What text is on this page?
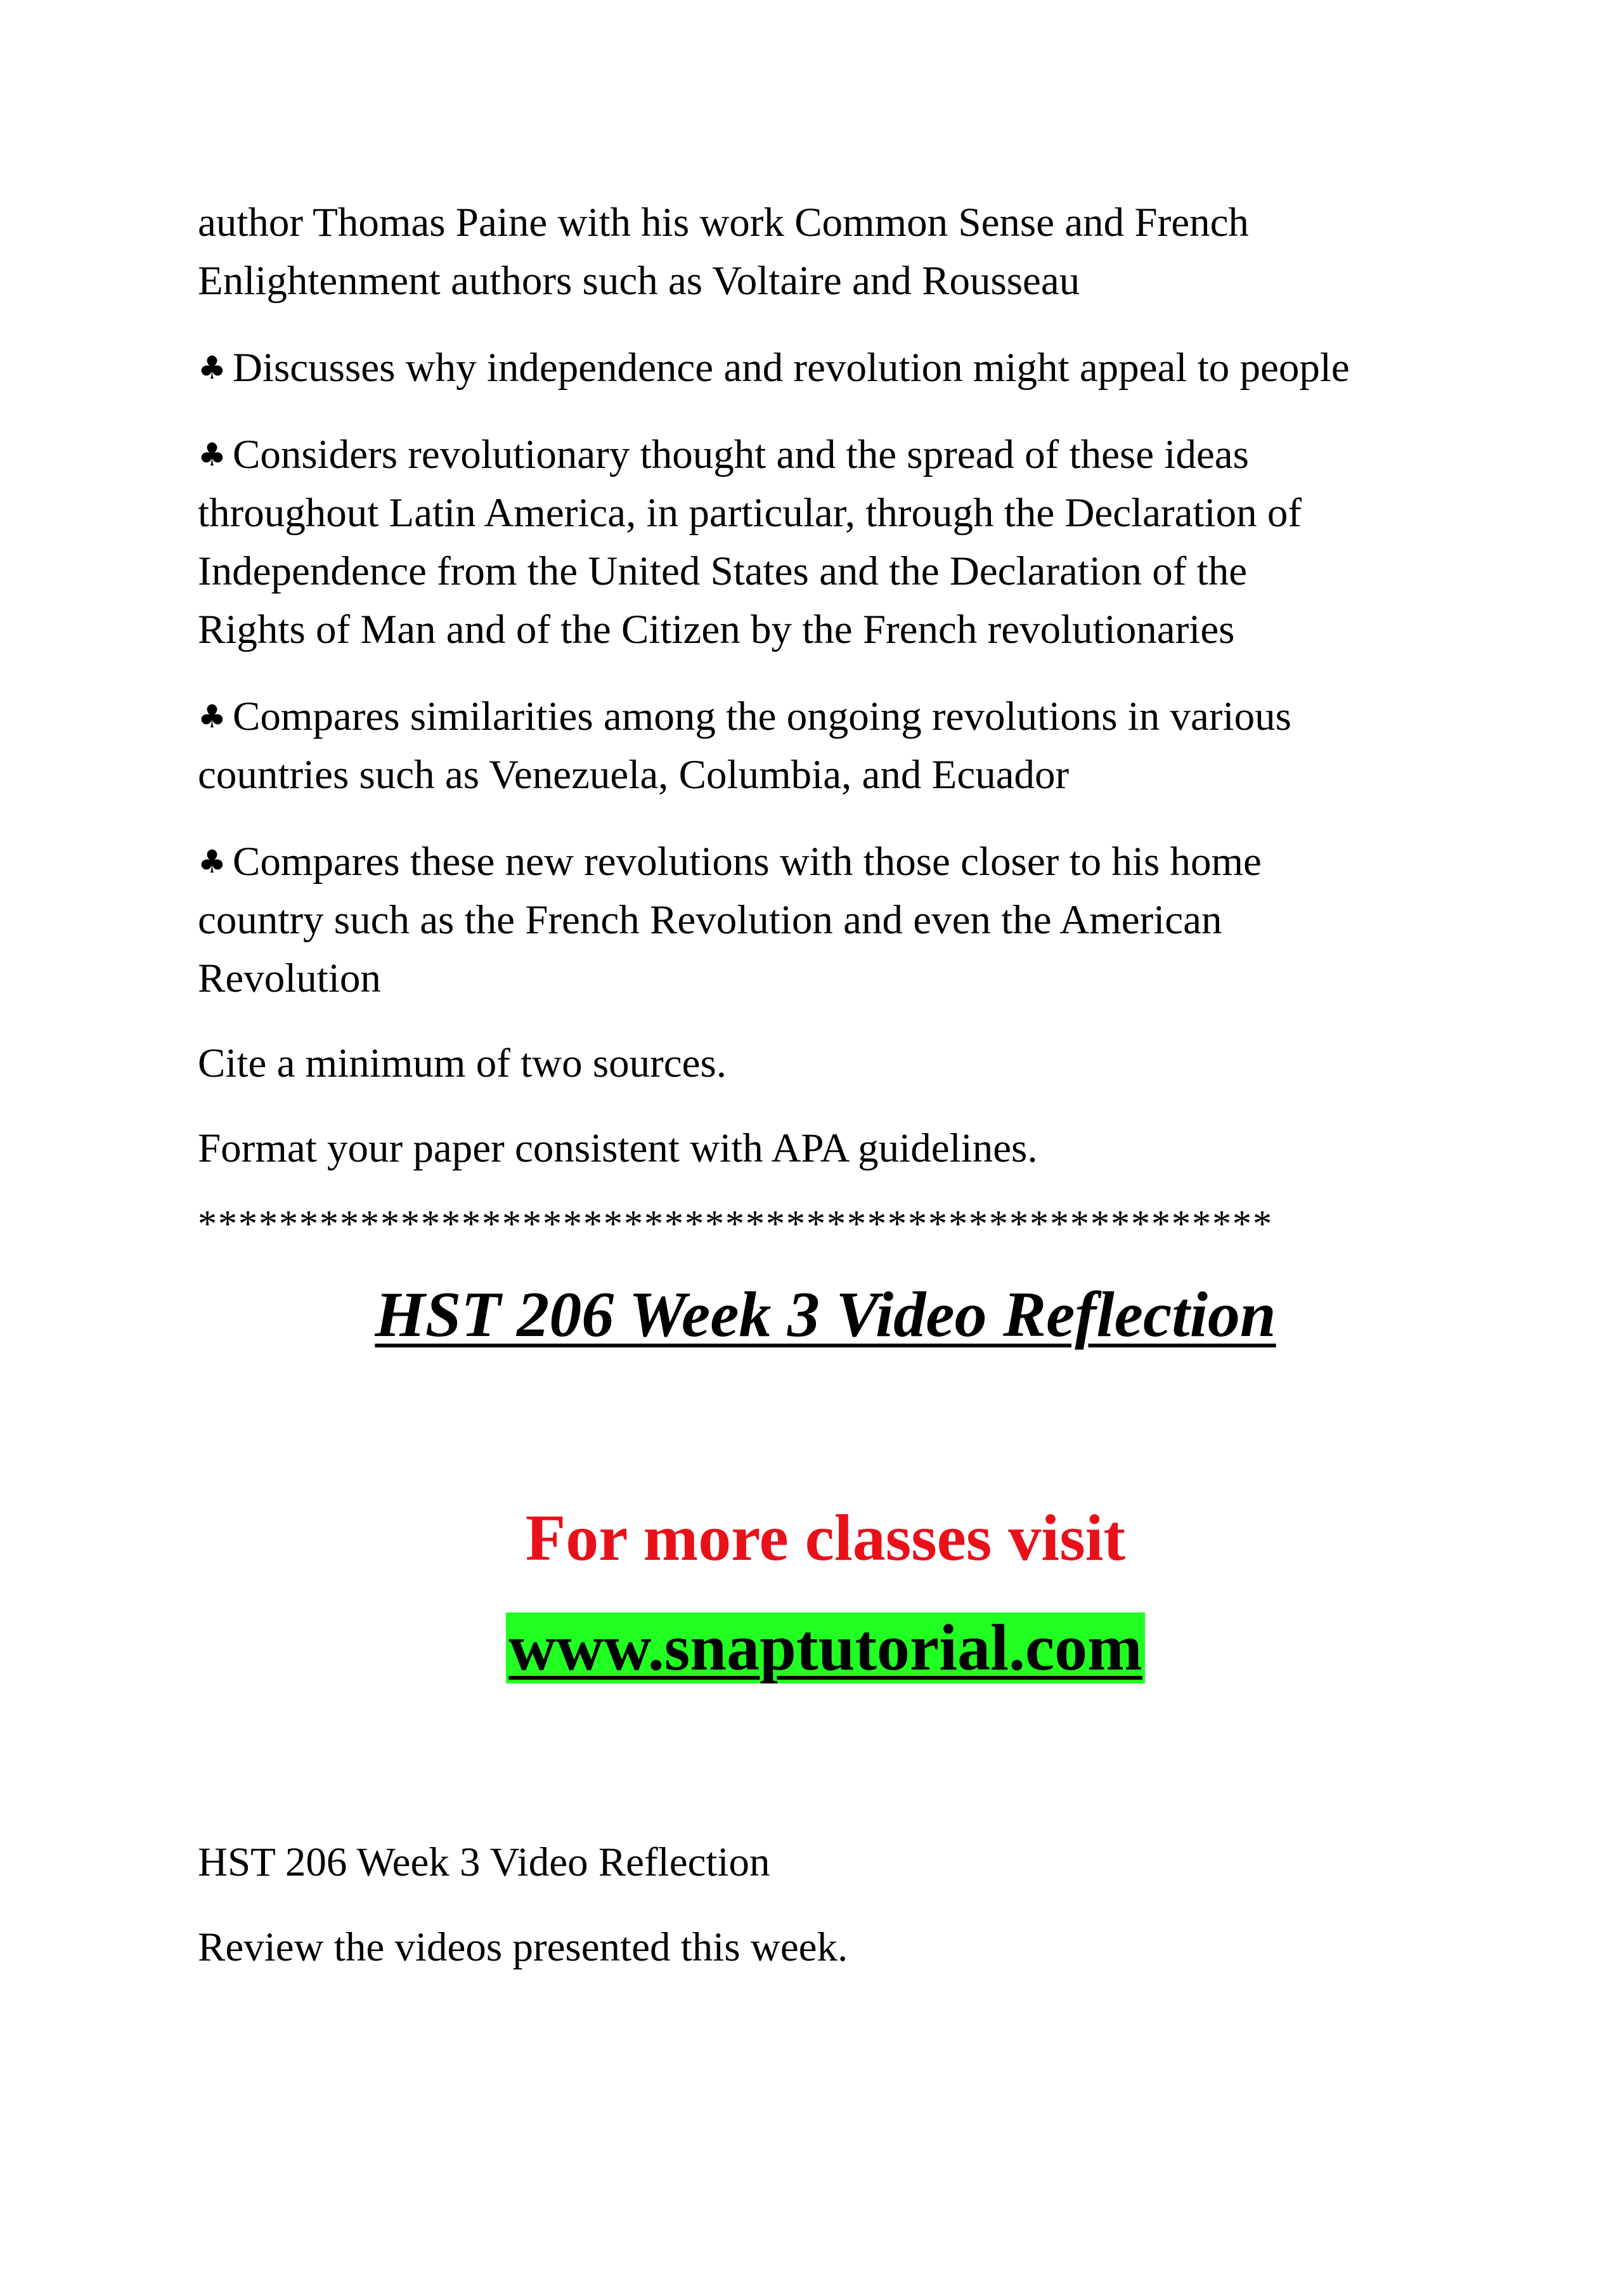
author Thomas Paine with his work Common Sense and French
Enlightenment authors such as Voltaire and Rousseau

♣ Discusses why independence and revolution might appeal to people

♣ Considers revolutionary thought and the spread of these ideas
throughout Latin America, in particular, through the Declaration of
Independence from the United States and the Declaration of the
Rights of Man and of the Citizen by the French revolutionaries

♣ Compares similarities among the ongoing revolutions in various
countries such as Venezuela, Columbia, and Ecuador

♣ Compares these new revolutions with those closer to his home
country such as the French Revolution and even the American
Revolution

Cite a minimum of two sources.

Format your paper consistent with APA guidelines.

*****************************************************

HST 206 Week 3 Video Reflection

For more classes visit

www.snaptutorial.com

HST 206 Week 3 Video Reflection

Review the videos presented this week.
